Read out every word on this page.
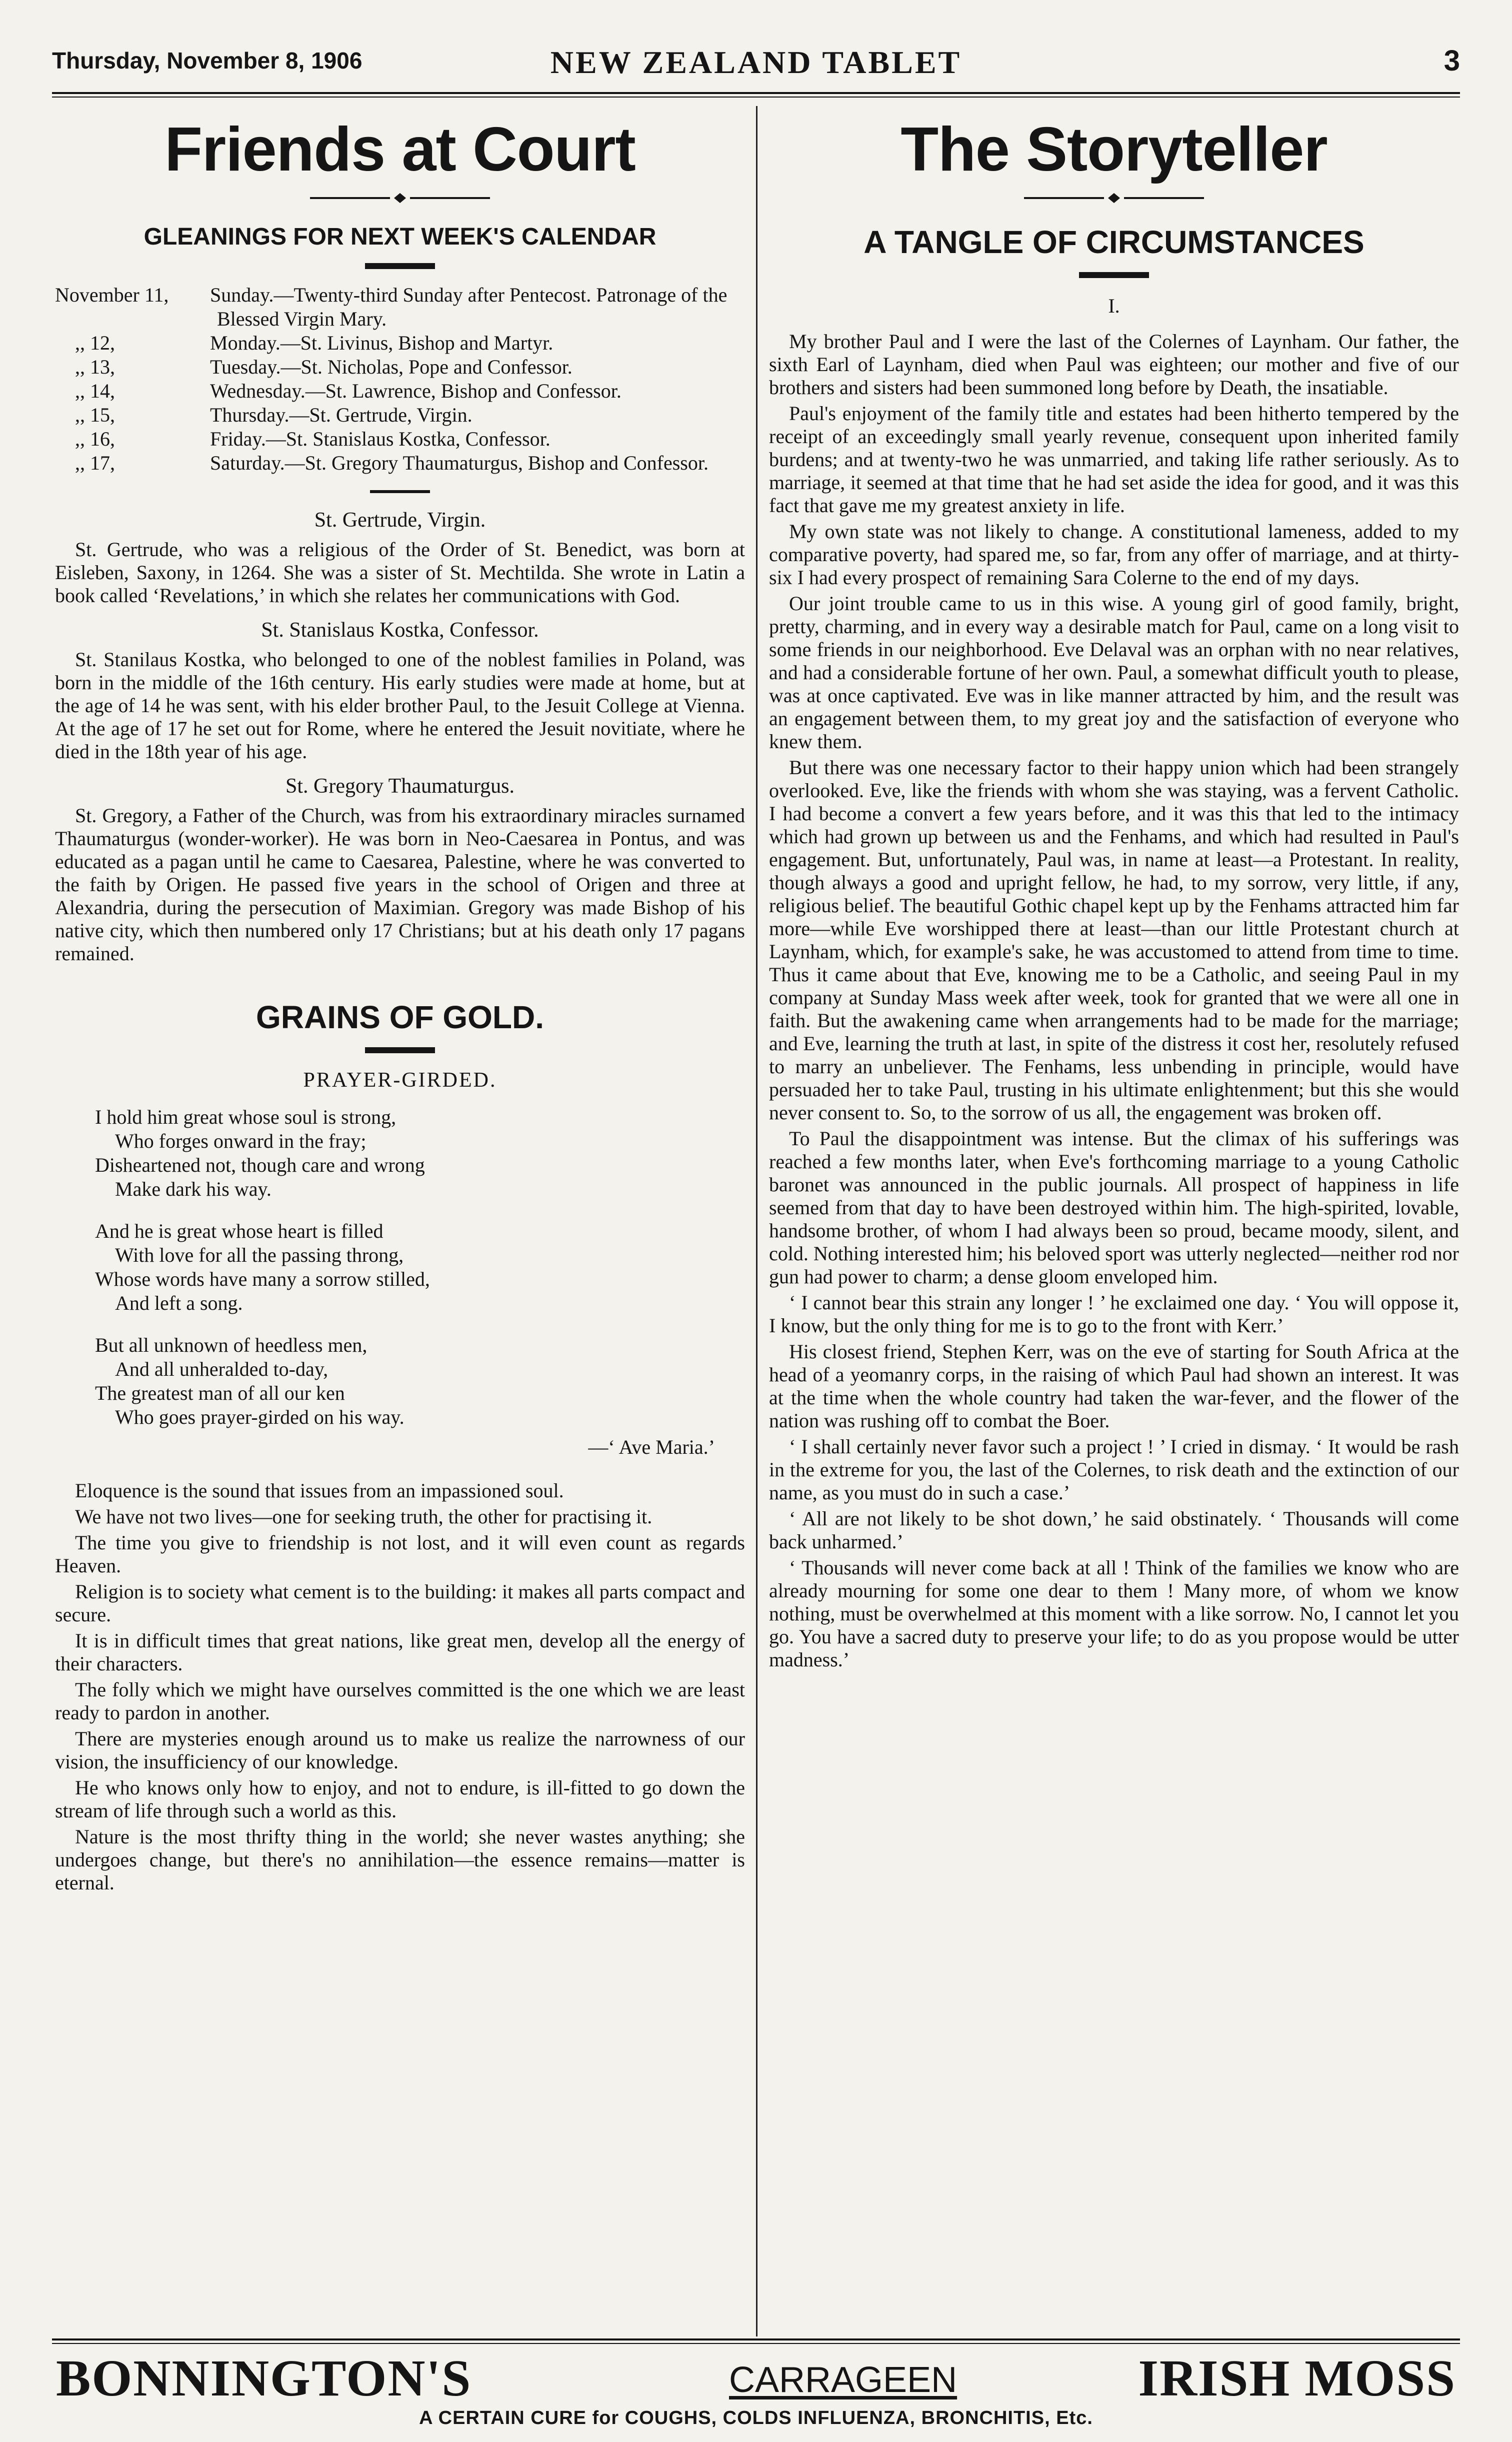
Thursday, November 8, 1906	NEW ZEALAND TABLET	3
Friends at Court
GLEANINGS FOR NEXT WEEK'S CALENDAR
November 11,	Sunday.—Twenty-third Sunday after Pentecost. Patronage of the Blessed Virgin Mary.
,, 12,	Monday.—St. Livinus, Bishop and Martyr.
,, 13,	Tuesday.—St. Nicholas, Pope and Confessor.
,, 14,	Wednesday.—St. Lawrence, Bishop and Confessor.
,, 15,	Thursday.—St. Gertrude, Virgin.
,, 16,	Friday.—St. Stanislaus Kostka, Confessor.
,, 17,	Saturday.—St. Gregory Thaumaturgus, Bishop and Confessor.
St. Gertrude, Virgin.

St. Gertrude, who was a religious of the Order of St. Benedict, was born at Eisleben, Saxony, in 1264. She was a sister of St. Mechtilda. She wrote in Latin a book called ‘Revelations,’ in which she relates her communications with God.

St. Stanislaus Kostka, Confessor.

St. Stanilaus Kostka, who belonged to one of the noblest families in Poland, was born in the middle of the 16th century. His early studies were made at home, but at the age of 14 he was sent, with his elder brother Paul, to the Jesuit College at Vienna. At the age of 17 he set out for Rome, where he entered the Jesuit novitiate, where he died in the 18th year of his age.

St. Gregory Thaumaturgus.

St. Gregory, a Father of the Church, was from his extraordinary miracles surnamed Thaumaturgus (wonder-worker). He was born in Neo-Caesarea in Pontus, and was educated as a pagan until he came to Caesarea, Palestine, where he was converted to the faith by Origen. He passed five years in the school of Origen and three at Alexandria, during the persecution of Maximian. Gregory was made Bishop of his native city, which then numbered only 17 Christians; but at his death only 17 pagans remained.

GRAINS OF GOLD.
PRAYER-GIRDED.
I hold him great whose soul is strong,
Who forges onward in the fray;
Disheartened not, though care and wrong
Make dark his way.
And he is great whose heart is filled
With love for all the passing throng,
Whose words have many a sorrow stilled,
And left a song.
But all unknown of heedless men,
And all unheralded to-day,
The greatest man of all our ken
Who goes prayer-girded on his way.
—‘ Ave Maria.’

Eloquence is the sound that issues from an impassioned soul.

We have not two lives—one for seeking truth, the other for practising it.

The time you give to friendship is not lost, and it will even count as regards Heaven.

Religion is to society what cement is to the building: it makes all parts compact and secure.

It is in difficult times that great nations, like great men, develop all the energy of their characters.

The folly which we might have ourselves committed is the one which we are least ready to pardon in another.

There are mysteries enough around us to make us realize the narrowness of our vision, the insufficiency of our knowledge.

He who knows only how to enjoy, and not to endure, is ill-fitted to go down the stream of life through such a world as this.

Nature is the most thrifty thing in the world; she never wastes anything; she undergoes change, but there's no annihilation—the essence remains—matter is eternal.

The Storyteller
A TANGLE OF CIRCUMSTANCES
I.

My brother Paul and I were the last of the Colernes of Laynham. Our father, the sixth Earl of Laynham, died when Paul was eighteen; our mother and five of our brothers and sisters had been summoned long before by Death, the insatiable.

Paul's enjoyment of the family title and estates had been hitherto tempered by the receipt of an exceedingly small yearly revenue, consequent upon inherited family burdens; and at twenty-two he was unmarried, and taking life rather seriously. As to marriage, it seemed at that time that he had set aside the idea for good, and it was this fact that gave me my greatest anxiety in life.

My own state was not likely to change. A constitutional lameness, added to my comparative poverty, had spared me, so far, from any offer of marriage, and at thirty-six I had every prospect of remaining Sara Colerne to the end of my days.

Our joint trouble came to us in this wise. A young girl of good family, bright, pretty, charming, and in every way a desirable match for Paul, came on a long visit to some friends in our neighborhood. Eve Delaval was an orphan with no near relatives, and had a considerable fortune of her own. Paul, a somewhat difficult youth to please, was at once captivated. Eve was in like manner attracted by him, and the result was an engagement between them, to my great joy and the satisfaction of everyone who knew them.

But there was one necessary factor to their happy union which had been strangely overlooked. Eve, like the friends with whom she was staying, was a fervent Catholic. I had become a convert a few years before, and it was this that led to the intimacy which had grown up between us and the Fenhams, and which had resulted in Paul's engagement. But, unfortunately, Paul was, in name at least—a Protestant. In reality, though always a good and upright fellow, he had, to my sorrow, very little, if any, religious belief. The beautiful Gothic chapel kept up by the Fenhams attracted him far more—while Eve worshipped there at least—than our little Protestant church at Laynham, which, for example's sake, he was accustomed to attend from time to time. Thus it came about that Eve, knowing me to be a Catholic, and seeing Paul in my company at Sunday Mass week after week, took for granted that we were all one in faith. But the awakening came when arrangements had to be made for the marriage; and Eve, learning the truth at last, in spite of the distress it cost her, resolutely refused to marry an unbeliever. The Fenhams, less unbending in principle, would have persuaded her to take Paul, trusting in his ultimate enlightenment; but this she would never consent to. So, to the sorrow of us all, the engagement was broken off.

To Paul the disappointment was intense. But the climax of his sufferings was reached a few months later, when Eve's forthcoming marriage to a young Catholic baronet was announced in the public journals. All prospect of happiness in life seemed from that day to have been destroyed within him. The high-spirited, lovable, handsome brother, of whom I had always been so proud, became moody, silent, and cold. Nothing interested him; his beloved sport was utterly neglected—neither rod nor gun had power to charm; a dense gloom enveloped him.

‘ I cannot bear this strain any longer ! ’ he exclaimed one day. ‘ You will oppose it, I know, but the only thing for me is to go to the front with Kerr.’

His closest friend, Stephen Kerr, was on the eve of starting for South Africa at the head of a yeomanry corps, in the raising of which Paul had shown an interest. It was at the time when the whole country had taken the war-fever, and the flower of the nation was rushing off to combat the Boer.

‘ I shall certainly never favor such a project ! ’ I cried in dismay. ‘ It would be rash in the extreme for you, the last of the Colernes, to risk death and the extinction of our name, as you must do in such a case.’

‘ All are not likely to be shot down,’ he said obstinately. ‘ Thousands will come back unharmed.’

‘ Thousands will never come back at all ! Think of the families we know who are already mourning for some one dear to them ! Many more, of whom we know nothing, must be overwhelmed at this moment with a like sorrow. No, I cannot let you go. You have a sacred duty to preserve your life; to do as you propose would be utter madness.’

BONNINGTON'S	CARRAGEEN	IRISH MOSS
A CERTAIN CURE for COUGHS, COLDS INFLUENZA, BRONCHITIS, Etc.
